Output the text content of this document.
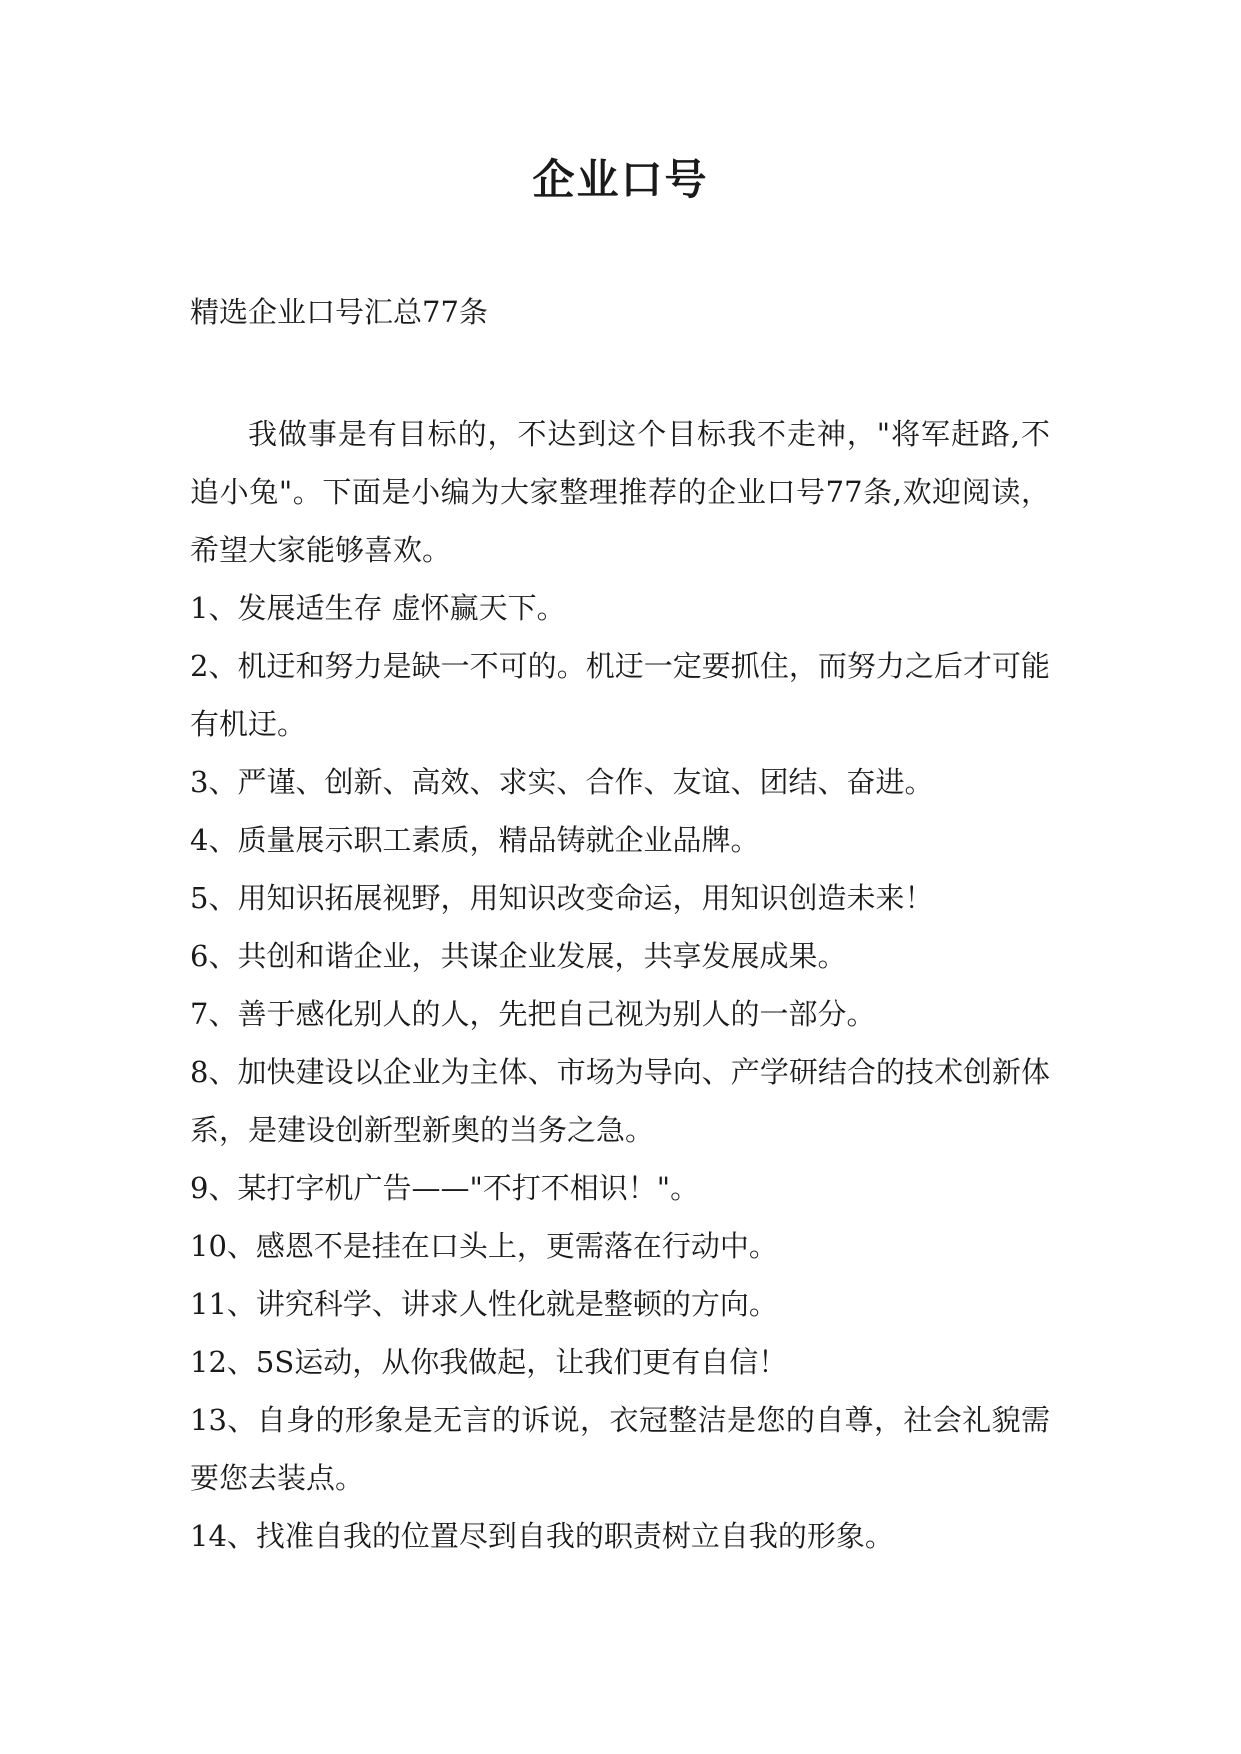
企业口号

精选企业口号汇总77条

我做事是有目标的，不达到这个目标我不走神，"将军赶路,不追小兔"。下面是小编为大家整理推荐的企业口号77条,欢迎阅读，希望大家能够喜欢。

1、发展适生存 虚怀赢天下。

2、机迂和努力是缺一不可的。机迂一定要抓住，而努力之后才可能有机迂。

3、严谨、创新、高效、求实、合作、友谊、团结、奋进。

4、质量展示职工素质，精品铸就企业品牌。

5、用知识拓展视野，用知识改变命运，用知识创造未来！

6、共创和谐企业，共谋企业发展，共享发展成果。

7、善于感化别人的人，先把自己视为别人的一部分。

8、加快建设以企业为主体、市场为导向、产学研结合的技术创新体系，是建设创新型新奥的当务之急。

9、某打字机广告——"不打不相识！"。

10、感恩不是挂在口头上，更需落在行动中。

11、讲究科学、讲求人性化就是整顿的方向。

12、5S运动，从你我做起，让我们更有自信！

13、自身的形象是无言的诉说，衣冠整洁是您的自尊，社会礼貌需要您去装点。

14、找准自我的位置尽到自我的职责树立自我的形象。
